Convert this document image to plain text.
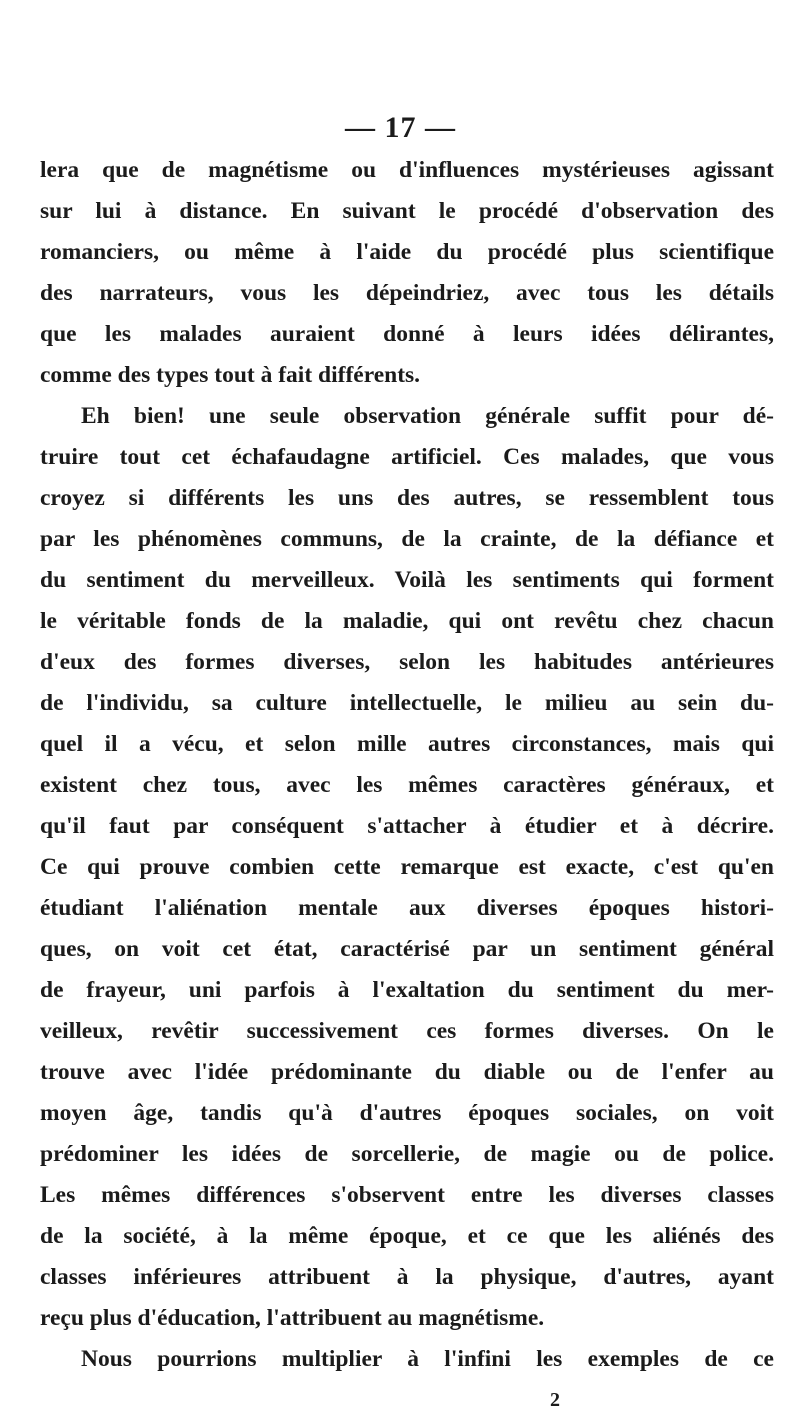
— 17 —
lera que de magnétisme ou d'influences mystérieuses agissant
sur lui à distance. En suivant le procédé d'observation des
romanciers, ou même à l'aide du procédé plus scientifique
des narrateurs, vous les dépeindriez, avec tous les détails
que les malades auraient donné à leurs idées délirantes,
comme des types tout à fait différents.
Eh bien! une seule observation générale suffit pour dé-
truire tout cet échafaudagne artificiel. Ces malades, que vous
croyez si différents les uns des autres, se ressemblent tous
par les phénomènes communs, de la crainte, de la défiance et
du sentiment du merveilleux. Voilà les sentiments qui forment
le véritable fonds de la maladie, qui ont revêtu chez chacun
d'eux des formes diverses, selon les habitudes antérieures
de l'individu, sa culture intellectuelle, le milieu au sein du-
quel il a vécu, et selon mille autres circonstances, mais qui
existent chez tous, avec les mêmes caractères généraux, et
qu'il faut par conséquent s'attacher à étudier et à décrire.
Ce qui prouve combien cette remarque est exacte, c'est qu'en
étudiant l'aliénation mentale aux diverses époques histori-
ques, on voit cet état, caractérisé par un sentiment général
de frayeur, uni parfois à l'exaltation du sentiment du mer-
veilleux, revêtir successivement ces formes diverses. On le
trouve avec l'idée prédominante du diable ou de l'enfer au
moyen âge, tandis qu'à d'autres époques sociales, on voit
prédominer les idées de sorcellerie, de magie ou de police.
Les mêmes différences s'observent entre les diverses classes
de la société, à la même époque, et ce que les aliénés des
classes inférieures attribuent à la physique, d'autres, ayant
reçu plus d'éducation, l'attribuent au magnétisme.
Nous pourrions multiplier à l'infini les exemples de ce
2
